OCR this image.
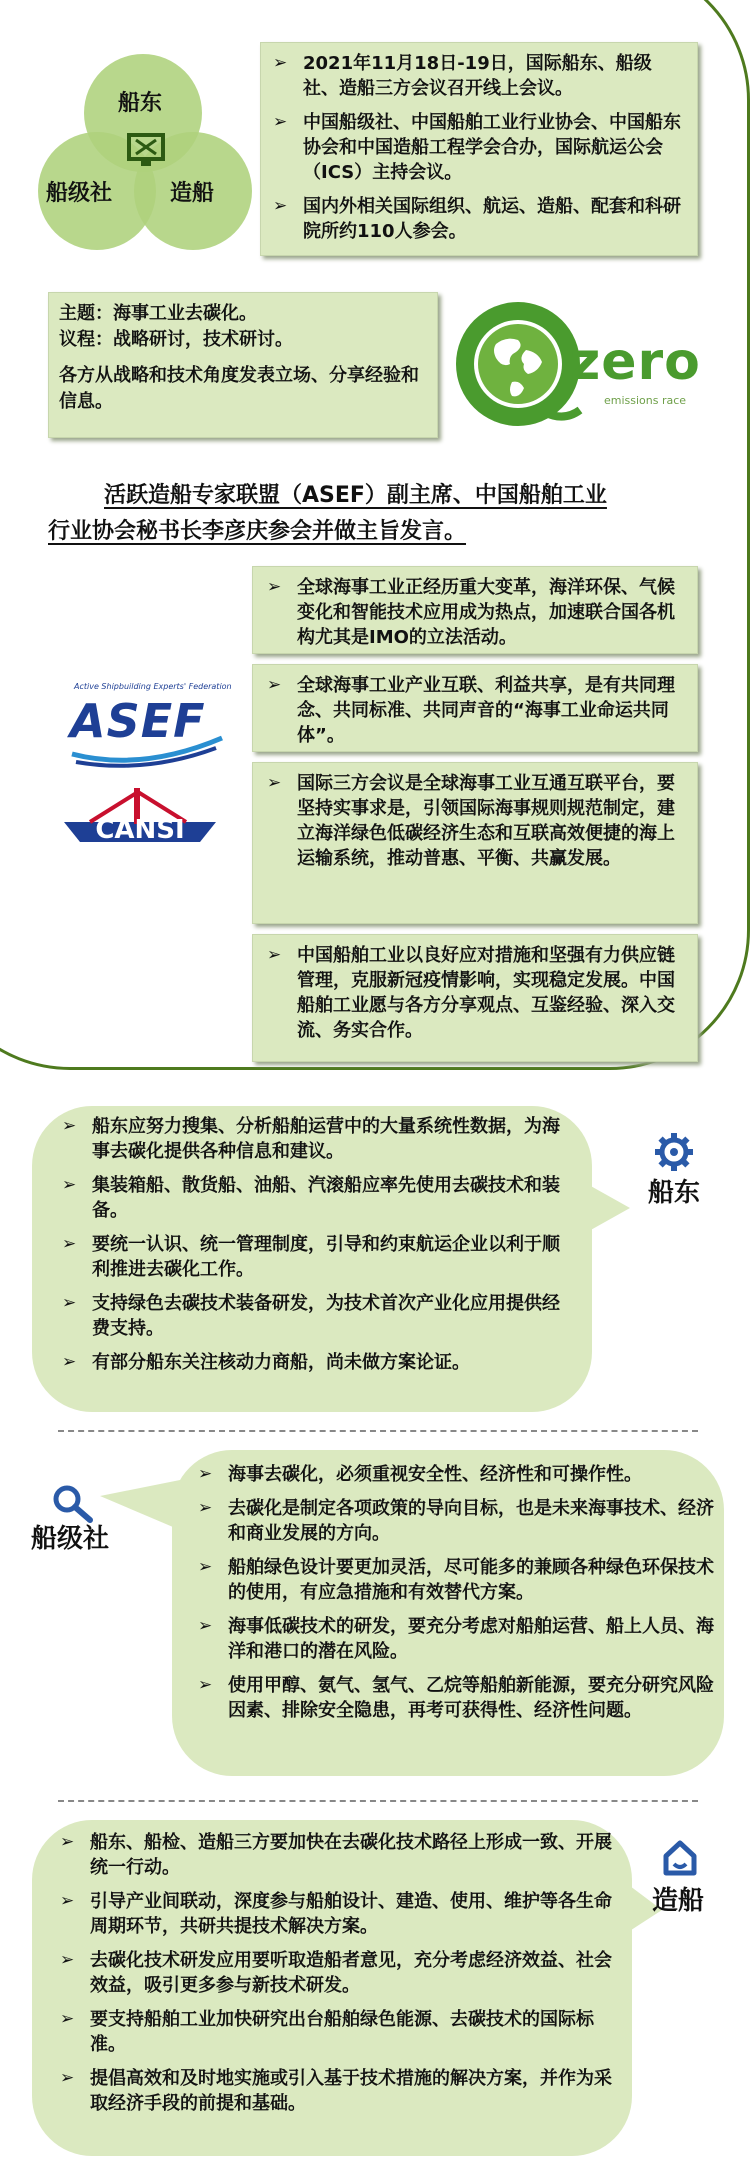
船东
船级社	造船
➢ 2021年11月18日-19日，国际船东、船级社、造船三方会议召开线上会议。
➢ 中国船级社、中国船舶工业行业协会、中国船东协会和中国造船工程学会合办，国际航运公会（ICS）主持会议。
➢ 国内外相关国际组织、航运、造船、配套和科研院所约110人参会。
主题：海事工业去碳化。
议程：战略研讨，技术研讨。
各方从战略和技术角度发表立场、分享经验和信息。
zero
emissions race
活跃造船专家联盟（ASEF）副主席、中国船舶工业
行业协会秘书长李彦庆参会并做主旨发言。
Active Shipbuilding Experts' Federation
ASEF
CANSI
➢ 全球海事工业正经历重大变革，海洋环保、气候变化和智能技术应用成为热点，加速联合国各机构尤其是IMO的立法活动。
➢ 全球海事工业产业互联、利益共享，是有共同理念、共同标准、共同声音的“海事工业命运共同体”。
➢ 国际三方会议是全球海事工业互通互联平台，要坚持实事求是，引领国际海事规则规范制定，建立海洋绿色低碳经济生态和互联高效便捷的海上运输系统，推动普惠、平衡、共赢发展。
➢ 中国船舶工业以良好应对措施和坚强有力供应链管理，克服新冠疫情影响，实现稳定发展。中国船舶工业愿与各方分享观点、互鉴经验、深入交流、务实合作。
➢ 船东应努力搜集、分析船舶运营中的大量系统性数据，为海事去碳化提供各种信息和建议。
➢ 集装箱船、散货船、油船、汽滚船应率先使用去碳技术和装备。
➢ 要统一认识、统一管理制度，引导和约束航运企业以利于顺利推进去碳化工作。
➢ 支持绿色去碳技术装备研发，为技术首次产业化应用提供经费支持。
➢ 有部分船东关注核动力商船，尚未做方案论证。
船东
➢ 海事去碳化，必须重视安全性、经济性和可操作性。
➢ 去碳化是制定各项政策的导向目标，也是未来海事技术、经济和商业发展的方向。
➢ 船舶绿色设计要更加灵活，尽可能多的兼顾各种绿色环保技术的使用，有应急措施和有效替代方案。
➢ 海事低碳技术的研发，要充分考虑对船舶运营、船上人员、海洋和港口的潜在风险。
➢ 使用甲醇、氨气、氢气、乙烷等船舶新能源，要充分研究风险因素、排除安全隐患，再考可获得性、经济性问题。
船级社
➢ 船东、船检、造船三方要加快在去碳化技术路径上形成一致、开展统一行动。
➢ 引导产业间联动，深度参与船舶设计、建造、使用、维护等各生命周期环节，共研共提技术解决方案。
➢ 去碳化技术研发应用要听取造船者意见，充分考虑经济效益、社会效益，吸引更多参与新技术研发。
➢ 要支持船舶工业加快研究出台船舶绿色能源、去碳技术的国际标准。
➢ 提倡高效和及时地实施或引入基于技术措施的解决方案，并作为采取经济手段的前提和基础。
造船
